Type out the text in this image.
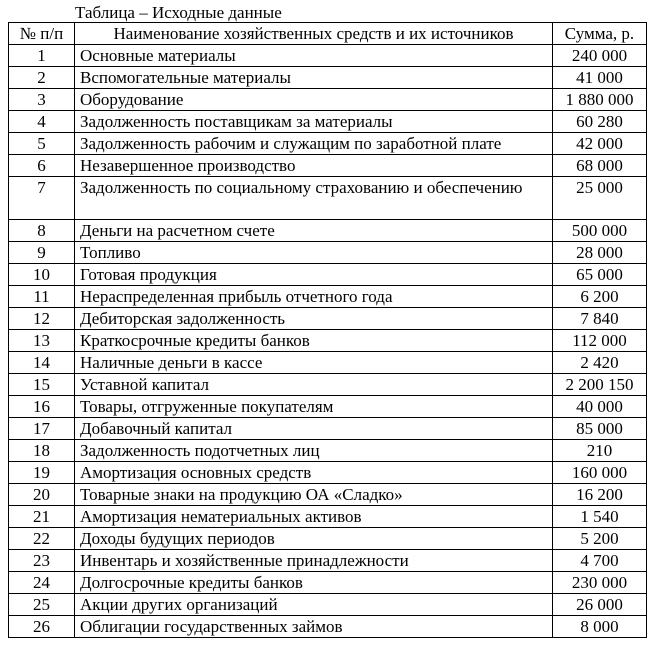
Таблица – Исходные данные
№ п/п	Наименование хозяйственных средств и их источников	Сумма, р.
1	Основные материалы	240 000
2	Вспомогательные материалы	41 000
3	Оборудование	1 880 000
4	Задолженность поставщикам за материалы	60 280
5	Задолженность рабочим и служащим по заработной плате	42 000
6	Незавершенное производство	68 000
7	Задолженность по социальному страхованию и обеспечению	25 000
8	Деньги на расчетном счете	500 000
9	Топливо	28 000
10	Готовая продукция	65 000
11	Нераспределенная прибыль отчетного года	6 200
12	Дебиторская задолженность	7 840
13	Краткосрочные кредиты банков	112 000
14	Наличные деньги в кассе	2 420
15	Уставной капитал	2 200 150
16	Товары, отгруженные покупателям	40 000
17	Добавочный капитал	85 000
18	Задолженность подотчетных лиц	210
19	Амортизация основных средств	160 000
20	Товарные знаки на продукцию ОА «Сладко»	16 200
21	Амортизация нематериальных активов	1 540
22	Доходы будущих периодов	5 200
23	Инвентарь и хозяйственные принадлежности	4 700
24	Долгосрочные кредиты банков	230 000
25	Акции других организаций	26 000
26	Облигации государственных займов	8 000
